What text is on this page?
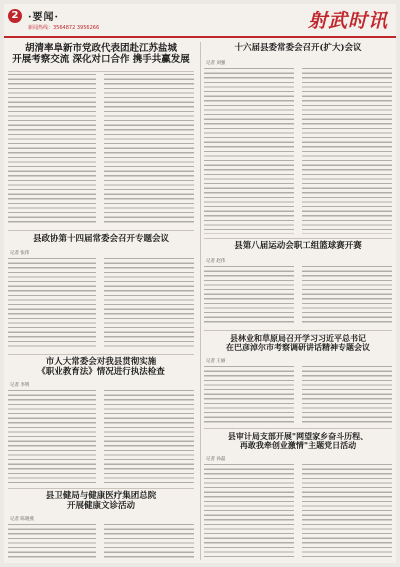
2 ·要闻·
新闻热线：3564872 3956266	射武时讯
胡清率阜新市党政代表团赴江苏盐城
开展考察交流 深化对口合作 携手共赢发展
县政协第十四届常委会召开专题会议
记者 张伟
市人大常委会对我县贯彻实施
《职业教育法》情况进行执法检查
记者 李明
县卫健局与健康医疗集团总院
开展健康文诊活动
记者 陈晓燕
十六届县委常委会召开(扩大)会议
记者 刘强
县第八届运动会职工组篮球赛开赛
记者 赵伟
县林业和草原局召开学习习近平总书记
在巴彦淖尔市考察调研讲话精神专题会议
记者 王丽
县审计局支部开展"网望家乡奋斗历程、
再敢我牵创业激情"主题党日活动
记者 孙磊
